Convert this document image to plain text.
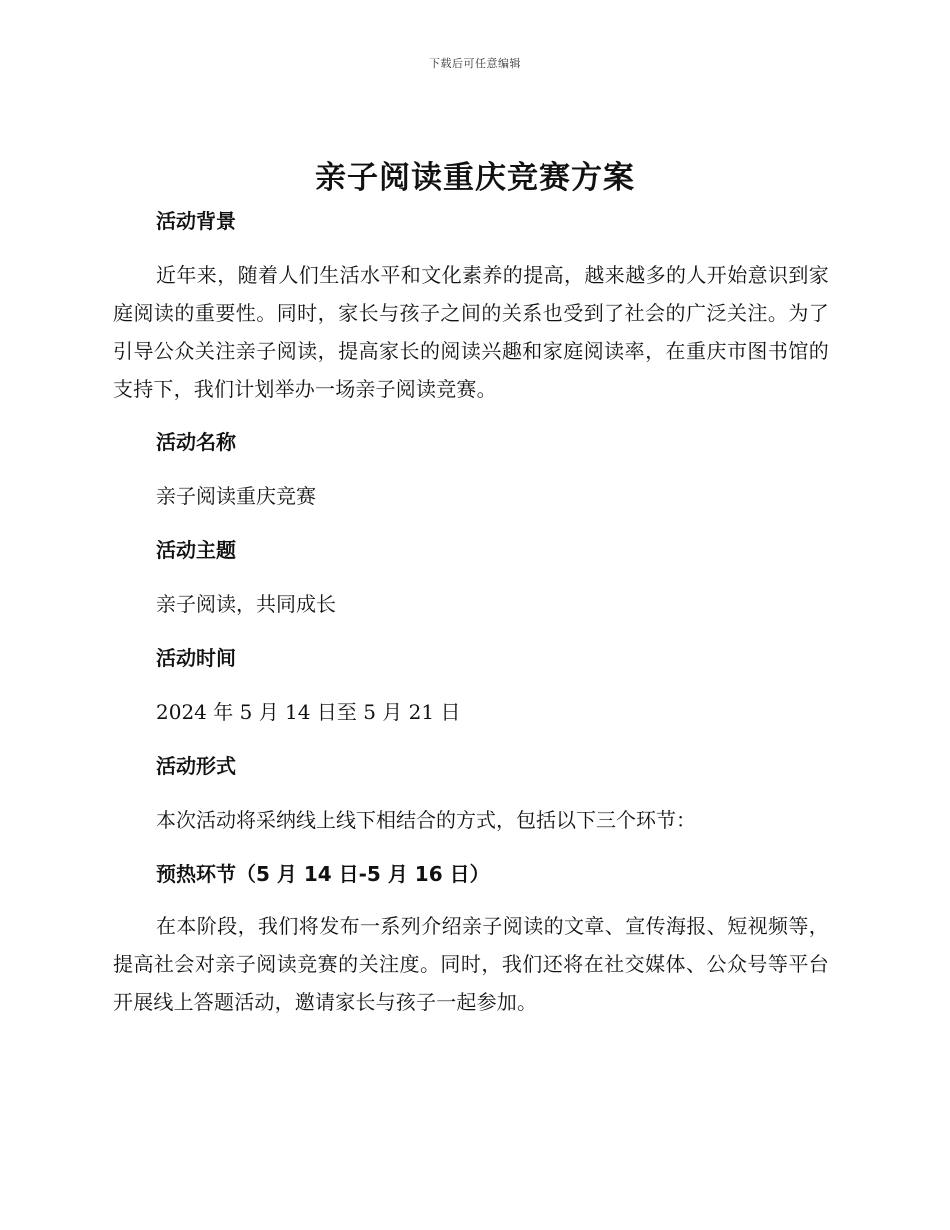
下载后可任意编辑
亲子阅读重庆竞赛方案

活动背景

近年来，随着人们生活水平和文化素养的提高，越来越多的人开始意识到家庭阅读的重要性。同时，家长与孩子之间的关系也受到了社会的广泛关注。为了引导公众关注亲子阅读，提高家长的阅读兴趣和家庭阅读率，在重庆市图书馆的支持下，我们计划举办一场亲子阅读竞赛。

活动名称

亲子阅读重庆竞赛

活动主题

亲子阅读，共同成长

活动时间

2024 年 5 月 14 日至 5 月 21 日

活动形式

本次活动将采纳线上线下相结合的方式，包括以下三个环节：

预热环节（5 月 14 日-5 月 16 日）

在本阶段，我们将发布一系列介绍亲子阅读的文章、宣传海报、短视频等，提高社会对亲子阅读竞赛的关注度。同时，我们还将在社交媒体、公众号等平台开展线上答题活动，邀请家长与孩子一起参加。
